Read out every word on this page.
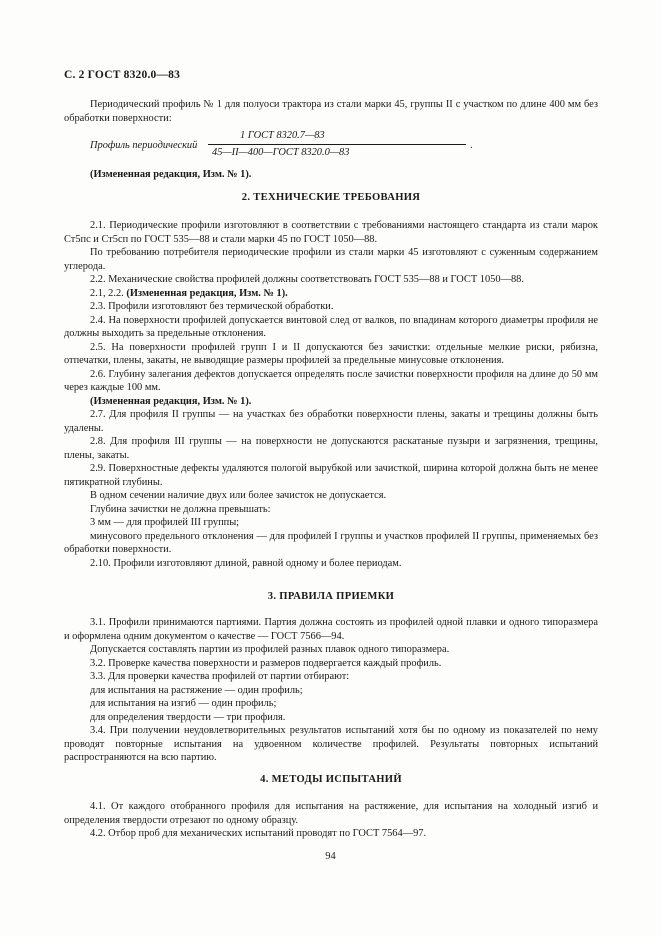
С. 2 ГОСТ 8320.0—83

Периодический профиль № 1 для полуоси трактора из стали марки 45, группы II с участком по длине 400 мм без обработки поверхности:

Профиль периодический
1 ГОСТ 8320.7—83
45—II—400—ГОСТ 8320.0—83
.

(Измененная редакция, Изм. № 1).

2. ТЕХНИЧЕСКИЕ ТРЕБОВАНИЯ

2.1. Периодические профили изготовляют в соответствии с требованиями настоящего стандарта из стали марок Ст5пс и Ст5сп по ГОСТ 535—88 и стали марки 45 по ГОСТ 1050—88.

По требованию потребителя периодические профили из стали марки 45 изготовляют с суженным содержанием углерода.

2.2. Механические свойства профилей должны соответствовать ГОСТ 535—88 и ГОСТ 1050—88.

2.1, 2.2. (Измененная редакция, Изм. № 1).

2.3. Профили изготовляют без термической обработки.

2.4. На поверхности профилей допускается винтовой след от валков, по впадинам которого диаметры профиля не должны выходить за предельные отклонения.

2.5. На поверхности профилей групп I и II допускаются без зачистки: отдельные мелкие риски, рябизна, отпечатки, плены, закаты, не выводящие размеры профилей за предельные минусовые отклонения.

2.6. Глубину залегания дефектов допускается определять после зачистки поверхности профиля на длине до 50 мм через каждые 100 мм.

(Измененная редакция, Изм. № 1).

2.7. Для профиля II группы — на участках без обработки поверхности плены, закаты и трещины должны быть удалены.

2.8. Для профиля III группы — на поверхности не допускаются раскатаные пузыри и загрязнения, трещины, плены, закаты.

2.9. Поверхностные дефекты удаляются пологой вырубкой или зачисткой, ширина которой должна быть не менее пятикратной глубины.

В одном сечении наличие двух или более зачисток не допускается.

Глубина зачистки не должна превышать:

3 мм — для профилей III группы;

минусового предельного отклонения — для профилей I группы и участков профилей II группы, применяемых без обработки поверхности.

2.10. Профили изготовляют длиной, равной одному и более периодам.

3. ПРАВИЛА ПРИЕМКИ

3.1. Профили принимаются партиями. Партия должна состоять из профилей одной плавки и одного типоразмера и оформлена одним документом о качестве — ГОСТ 7566—94.

Допускается составлять партии из профилей разных плавок одного типоразмера.

3.2. Проверке качества поверхности и размеров подвергается каждый профиль.

3.3. Для проверки качества профилей от партии отбирают:

для испытания на растяжение — один профиль;

для испытания на изгиб — один профиль;

для определения твердости — три профиля.

3.4. При получении неудовлетворительных результатов испытаний хотя бы по одному из показателей по нему проводят повторные испытания на удвоенном количестве профилей. Результаты повторных испытаний распространяются на всю партию.

4. МЕТОДЫ ИСПЫТАНИЙ

4.1. От каждого отобранного профиля для испытания на растяжение, для испытания на холодный изгиб и определения твердости отрезают по одному образцу.

4.2. Отбор проб для механических испытаний проводят по ГОСТ 7564—97.

94
